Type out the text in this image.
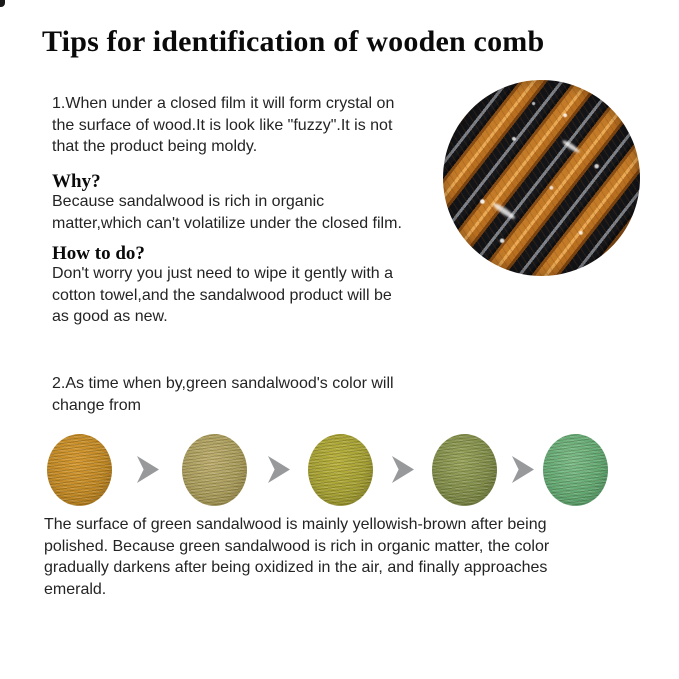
Tips for identification of wooden comb

1.When under a closed film it will form crystal on
the surface of wood.It is look like "fuzzy".It is not
that the product being moldy.

Why?

Because sandalwood is rich in organic
matter,which can't volatilize under the closed film.

How to do?

Don't worry you just need to wipe it gently with a
cotton towel,and the sandalwood product will be
as good as new.

2.As time when by,green sandalwood's color will
change from

The surface of green sandalwood is mainly yellowish-brown after being
polished. Because green sandalwood is rich in organic matter, the color
gradually darkens after being oxidized in the air, and finally approaches
emerald.
